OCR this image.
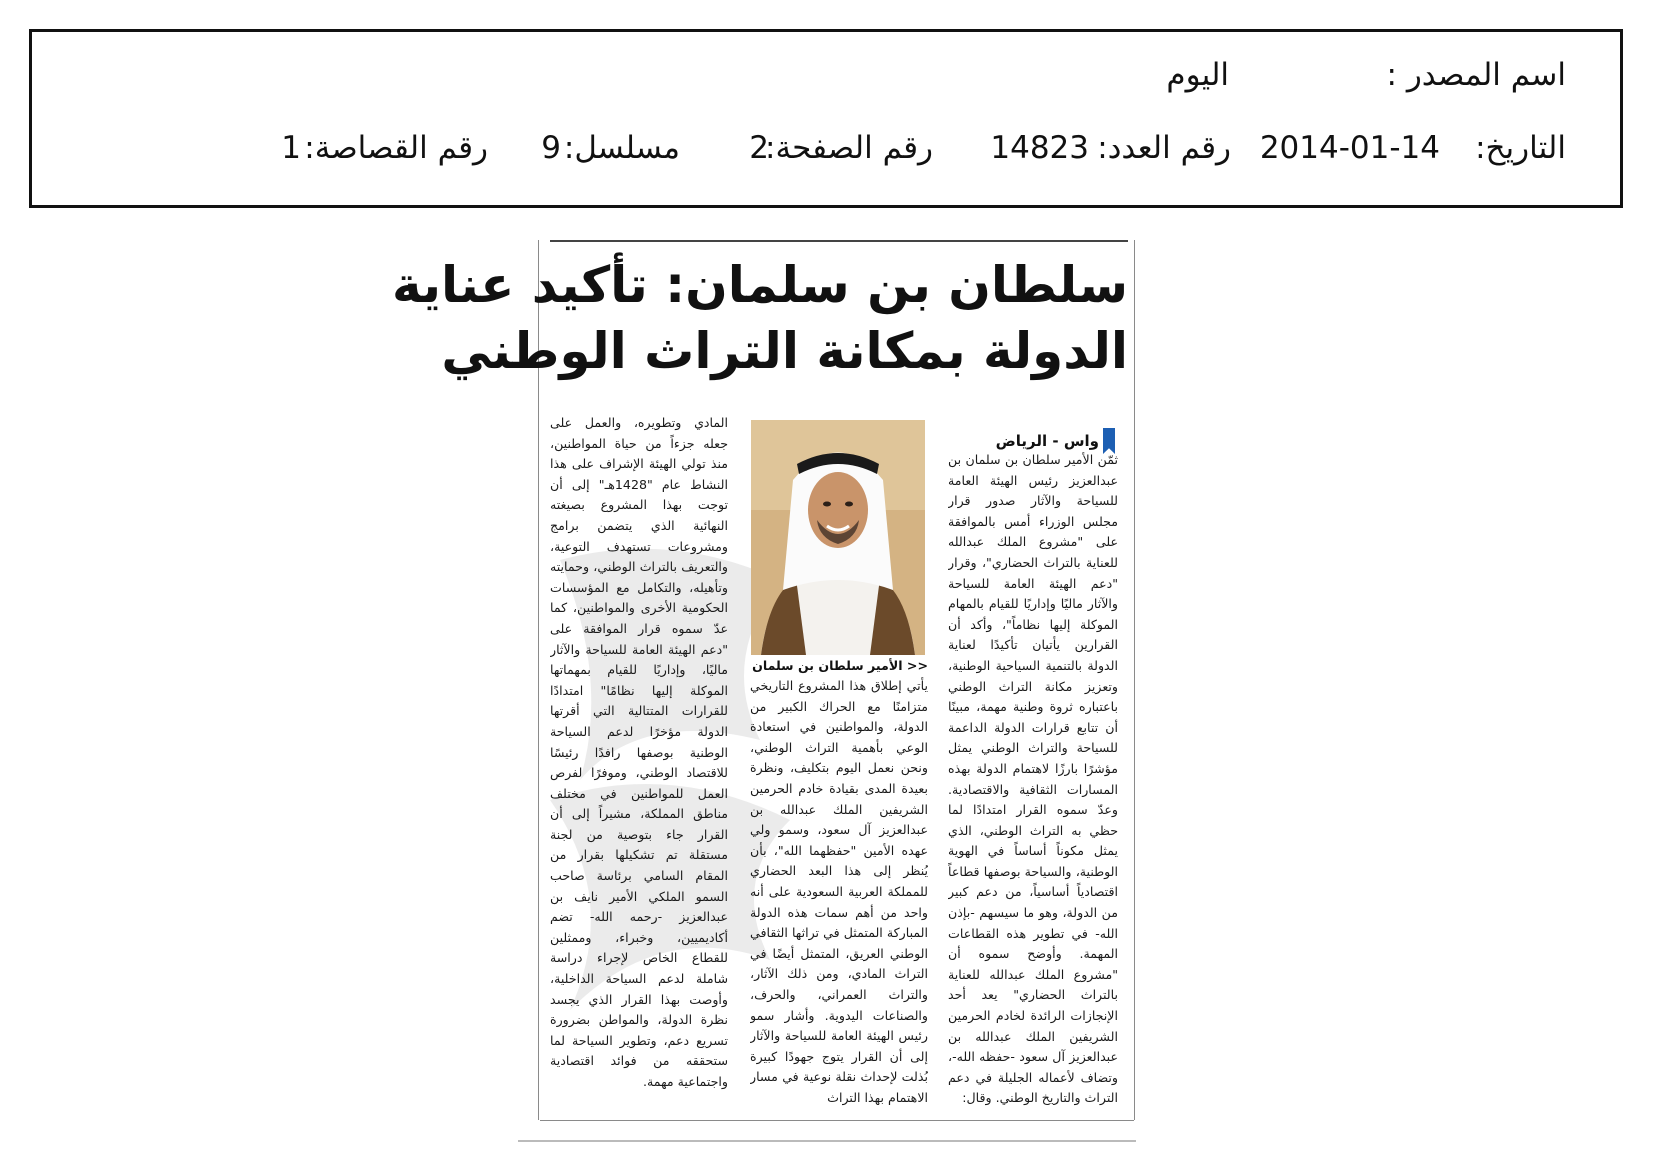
اسم المصدر :
اليوم
التاريخ:
2014-01-14
رقم العدد:
14823
رقم الصفحة:
2
مسلسل:
9
رقم القصاصة:
1
سلطان بن سلمان: تأكيد عناية
الدولة بمكانة التراث الوطني
واس - الرياض

ثمّن الأمير سلطان بن سلمان بن عبدالعزيز رئيس الهيئة العامة للسياحة والآثار صدور قرار مجلس الوزراء أمس بالموافقة على "مشروع الملك عبدالله للعناية بالتراث الحضاري"، وقرار "دعم الهيئة العامة للسياحة والآثار ماليًا وإداريًا للقيام بالمهام الموكلة إليها نظاماً"، وأكد أن القرارين يأتيان تأكيدًا لعناية الدولة بالتنمية السياحية الوطنية، وتعزيز مكانة التراث الوطني باعتباره ثروة وطنية مهمة، مبينًا أن تتابع قرارات الدولة الداعمة للسياحة والتراث الوطني يمثل مؤشرًا بارزًا لاهتمام الدولة بهذه المسارات الثقافية والاقتصادية. وعدّ سموه القرار امتدادًا لما حظي به التراث الوطني، الذي يمثل مكوناً أساساً في الهوية الوطنية، والسياحة بوصفها قطاعاً اقتصادياً أساسياً، من دعم كبير من الدولة، وهو ما سيسهم -بإذن الله- في تطوير هذه القطاعات المهمة. وأوضح سموه أن "مشروع الملك عبدالله للعناية بالتراث الحضاري" يعد أحد الإنجازات الرائدة لخادم الحرمين الشريفين الملك عبدالله بن عبدالعزيز آل سعود -حفظه الله-، وتضاف لأعماله الجليلة في دعم التراث والتاريخ الوطني. وقال:

<< الأمير سلطان بن سلمان

يأتي إطلاق هذا المشروع التاريخي متزامنًا مع الحراك الكبير من الدولة، والمواطنين في استعادة الوعي بأهمية التراث الوطني، ونحن نعمل اليوم بتكليف، ونظرة بعيدة المدى بقيادة خادم الحرمين الشريفين الملك عبدالله بن عبدالعزيز آل سعود، وسمو ولي عهده الأمين "حفظهما الله"، بأن يُنظر إلى هذا البعد الحضاري للمملكة العربية السعودية على أنه واحد من أهم سمات هذه الدولة المباركة المتمثل في تراثها الثقافي الوطني العريق، المتمثل أيضًا في التراث المادي، ومن ذلك الآثار، والتراث العمراني، والحرف، والصناعات اليدوية. وأشار سمو رئيس الهيئة العامة للسياحة والآثار إلى أن القرار يتوج جهودًا كبيرة بُذلت لإحداث نقلة نوعية في مسار الاهتمام بهذا التراث

المادي وتطويره، والعمل على جعله جزءاً من حياة المواطنين، منذ تولي الهيئة الإشراف على هذا النشاط عام "1428هـ" إلى أن توجت بهذا المشروع بصيغته النهائية الذي يتضمن برامج ومشروعات تستهدف التوعية، والتعريف بالتراث الوطني، وحمايته وتأهيله، والتكامل مع المؤسسات الحكومية الأخرى والمواطنين، كما عدّ سموه قرار الموافقة على "دعم الهيئة العامة للسياحة والآثار ماليًا، وإداريًا للقيام بمهماتها الموكلة إليها نظامًا" امتدادًا للقرارات المتتالية التي أقرتها الدولة مؤخرًا لدعم السياحة الوطنية بوصفها رافدًا رئيسًا للاقتصاد الوطني، وموفرًا لفرص العمل للمواطنين في مختلف مناطق المملكة، مشيراً إلى أن القرار جاء بتوصية من لجنة مستقلة تم تشكيلها بقرار من المقام السامي برئاسة صاحب السمو الملكي الأمير نايف بن عبدالعزيز -رحمه الله- تضم أكاديميين، وخبراء، وممثلين للقطاع الخاص لإجراء دراسة شاملة لدعم السياحة الداخلية، وأوصت بهذا القرار الذي يجسد نظرة الدولة، والمواطن بضرورة تسريع دعم، وتطوير السياحة لما ستحققه من فوائد اقتصادية واجتماعية مهمة.
